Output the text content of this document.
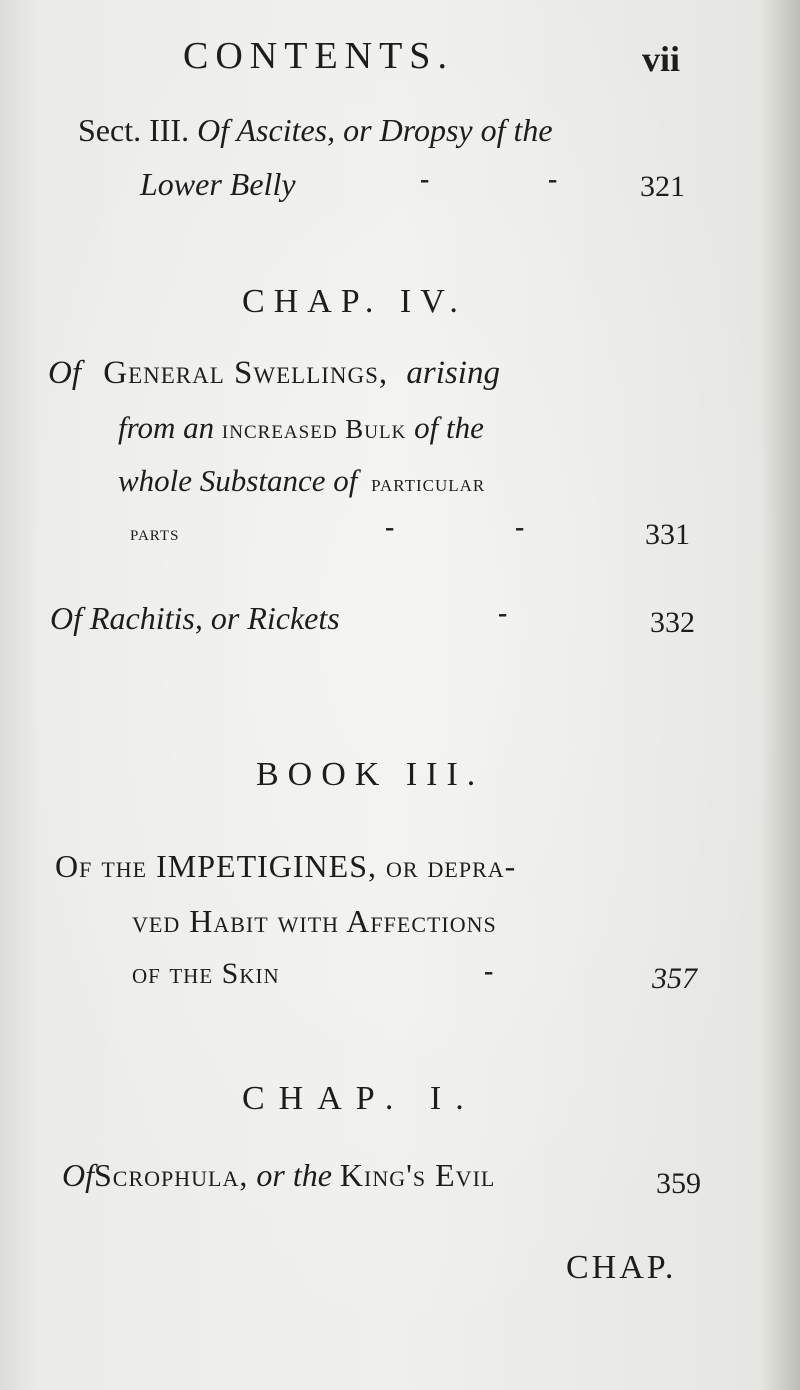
CONTENTS.	vii
Sect. III. Of Ascites, or Dropsy of the
Lower Belly	-	-	321
CHAP. IV.
Of General Swellings, arising
from an increased Bulk of the
whole Substance of particular
parts	-	-	331
Of Rachitis, or Rickets	-	332
BOOK III.
Of the IMPETIGINES, or depra-
ved Habit with Affections
of the Skin	-	357
CHAP. I.
OfScrophula, or the King's Evil	359
CHAP.
